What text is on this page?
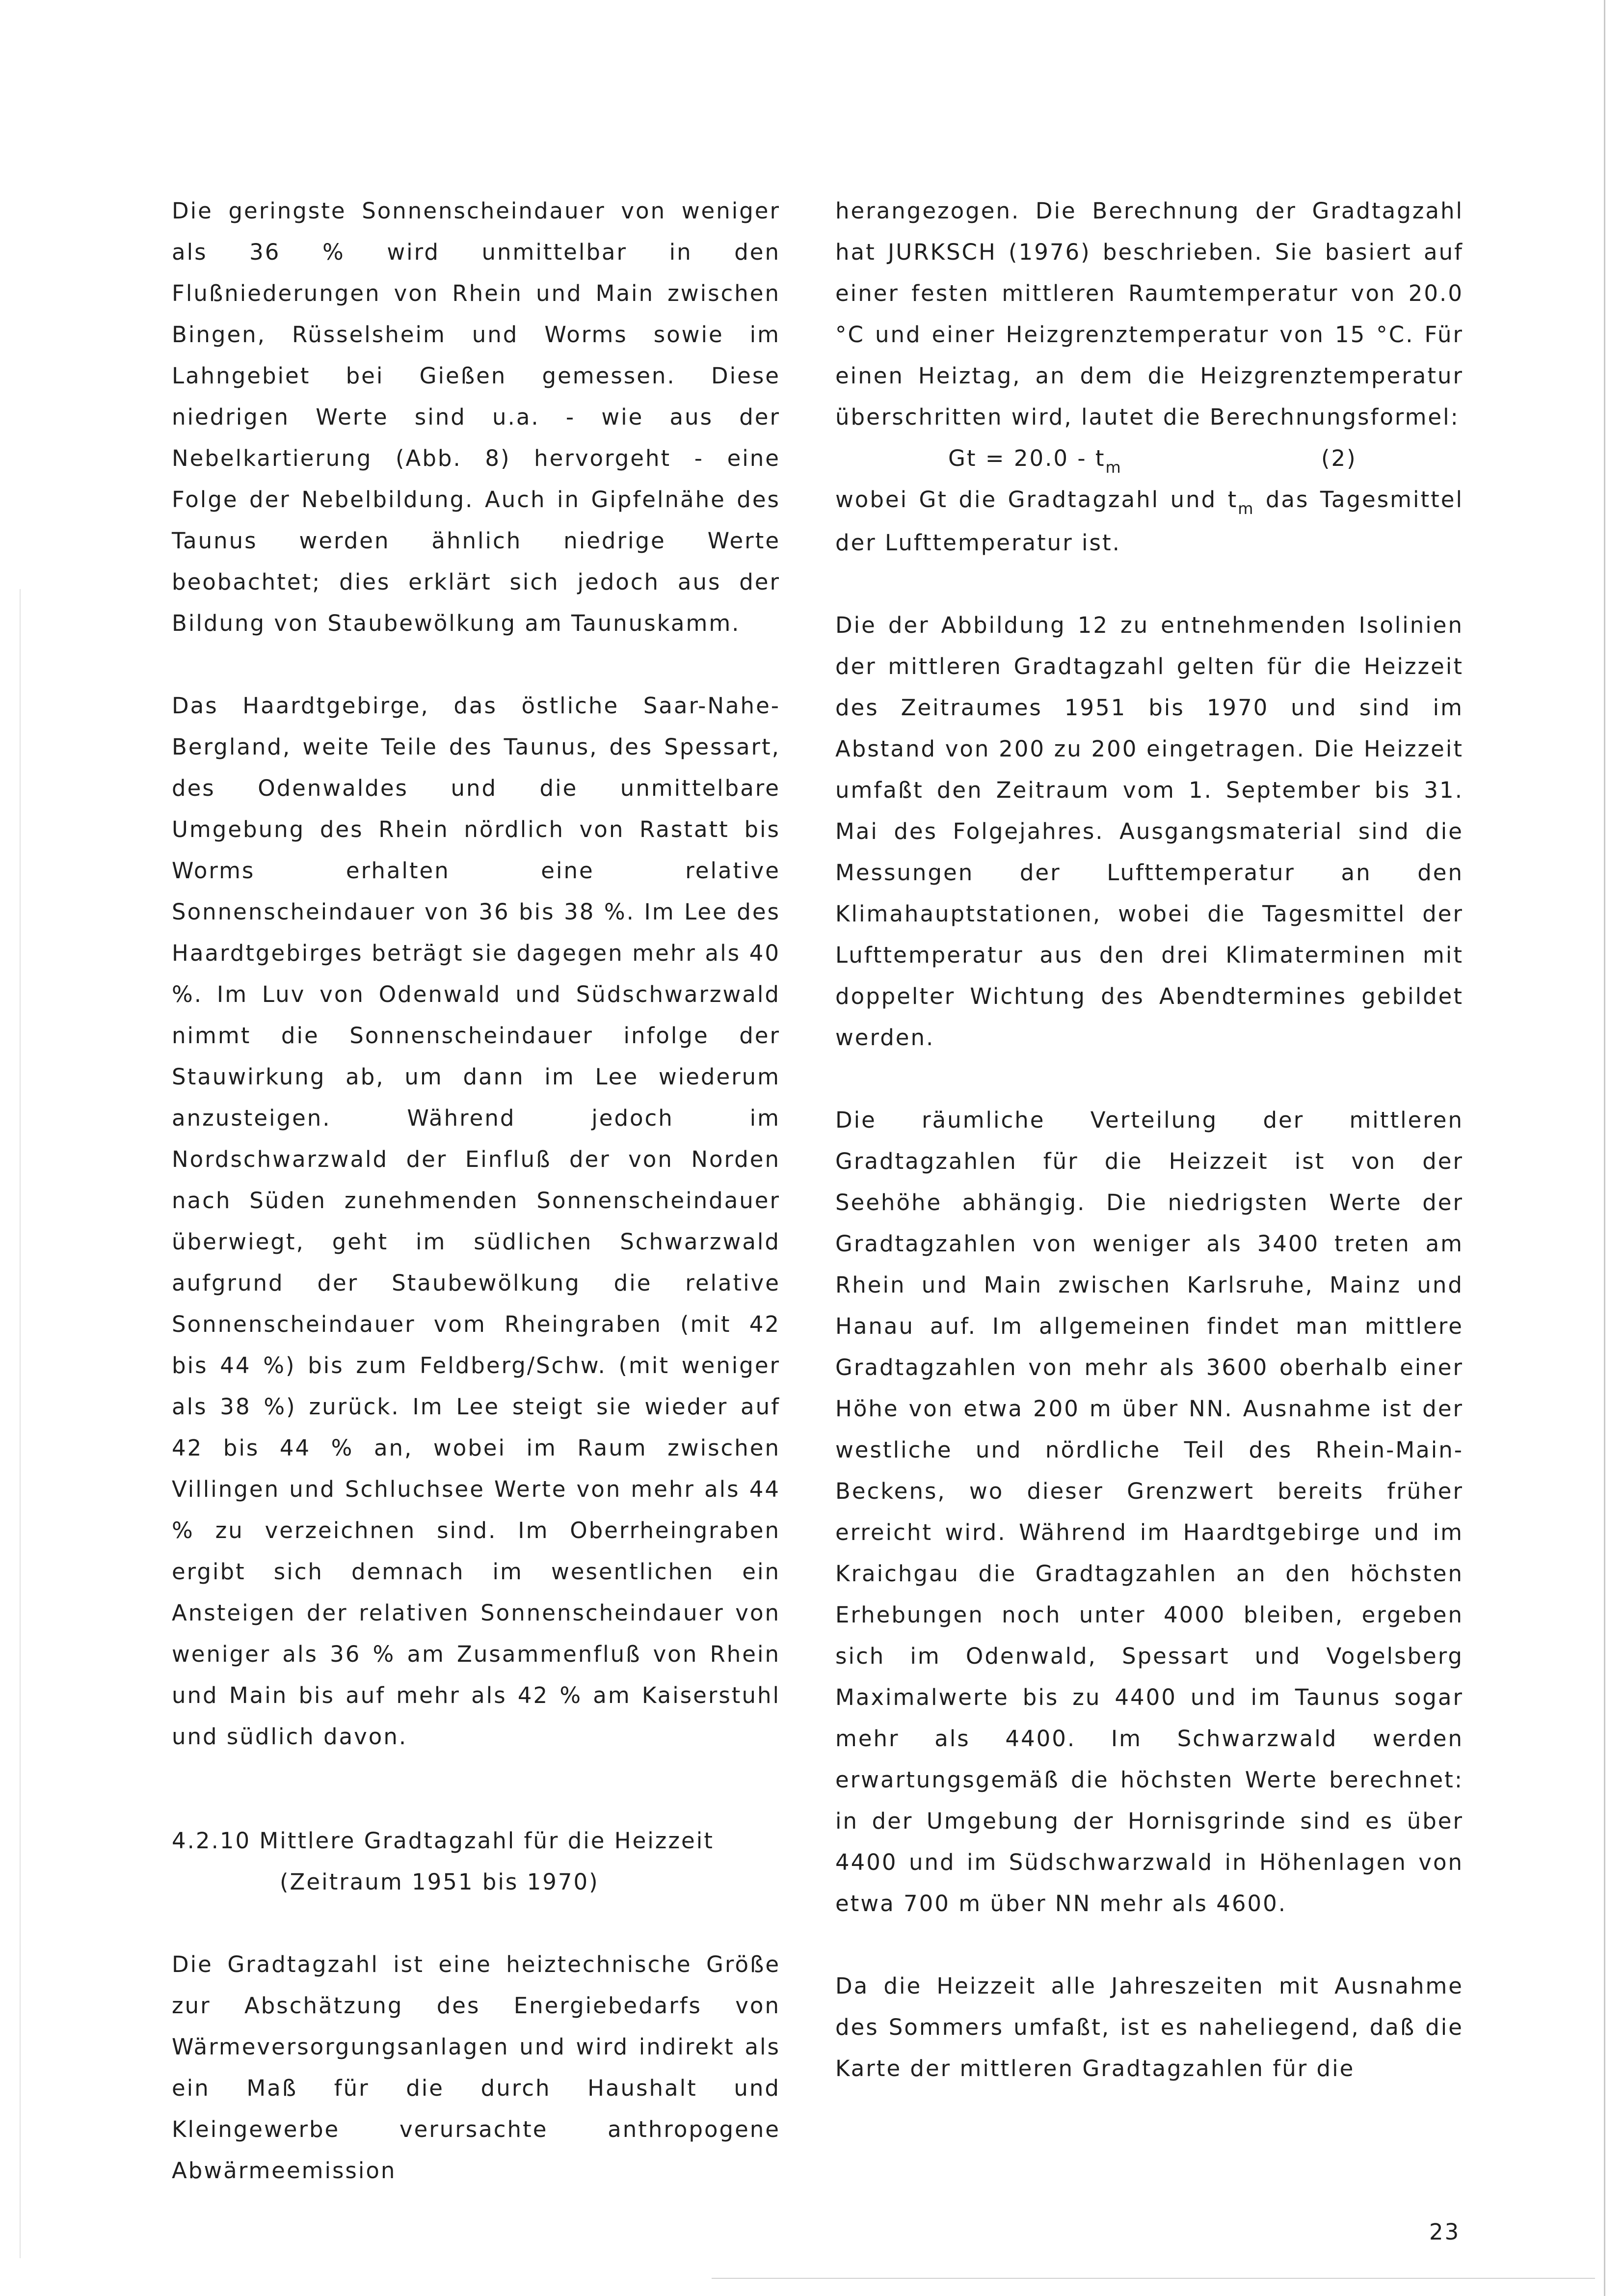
Die geringste Sonnenscheindauer von weniger als 36 % wird unmittelbar in den Flußniederungen von Rhein und Main zwischen Bingen, Rüsselsheim und Worms sowie im Lahngebiet bei Gießen gemessen. Diese niedrigen Werte sind u.a. - wie aus der Nebelkartierung (Abb. 8) hervorgeht - eine Folge der Nebelbildung. Auch in Gipfelnähe des Taunus werden ähnlich niedrige Werte beobachtet; dies erklärt sich jedoch aus der Bildung von Staubewölkung am Taunuskamm.

Das Haardtgebirge, das östliche Saar-Nahe-Bergland, weite Teile des Taunus, des Spessart, des Odenwaldes und die unmittelbare Umgebung des Rhein nördlich von Rastatt bis Worms erhalten eine relative Sonnenscheindauer von 36 bis 38 %. Im Lee des Haardtgebirges beträgt sie dagegen mehr als 40 %. Im Luv von Odenwald und Südschwarzwald nimmt die Sonnenscheindauer infolge der Stauwirkung ab, um dann im Lee wiederum anzusteigen. Während jedoch im Nordschwarzwald der Einfluß der von Norden nach Süden zunehmenden Sonnenscheindauer überwiegt, geht im südlichen Schwarzwald aufgrund der Staubewölkung die relative Sonnenscheindauer vom Rheingraben (mit 42 bis 44 %) bis zum Feldberg/Schw. (mit weniger als 38 %) zurück. Im Lee steigt sie wieder auf 42 bis 44 % an, wobei im Raum zwischen Villingen und Schluchsee Werte von mehr als 44 % zu verzeichnen sind. Im Oberrheingraben ergibt sich demnach im wesentlichen ein Ansteigen der relativen Sonnenscheindauer von weniger als 36 % am Zusammenfluß von Rhein und Main bis auf mehr als 42 % am Kaiserstuhl und südlich davon.

4.2.10 Mittlere Gradtagzahl für die Heizzeit
(Zeitraum 1951 bis 1970)

Die Gradtagzahl ist eine heiztechnische Größe zur Abschätzung des Energiebedarfs von Wärmeversorgungsanlagen und wird indirekt als ein Maß für die durch Haushalt und Kleingewerbe verursachte anthropogene Abwärmeemission

herangezogen. Die Berechnung der Gradtagzahl hat JURKSCH (1976) beschrieben. Sie basiert auf einer festen mittleren Raumtemperatur von 20.0 °C und einer Heizgrenztemperatur von 15 °C. Für einen Heiztag, an dem die Heizgrenztemperatur überschritten wird, lautet die Berechnungsformel:

$Gt = 20.0 - t_m$	(2)

wobei Gt die Gradtagzahl und $t_m$ das Tagesmittel der Lufttemperatur ist.

Die der Abbildung 12 zu entnehmenden Isolinien der mittleren Gradtagzahl gelten für die Heizzeit des Zeitraumes 1951 bis 1970 und sind im Abstand von 200 zu 200 eingetragen. Die Heizzeit umfaßt den Zeitraum vom 1. September bis 31. Mai des Folgejahres. Ausgangsmaterial sind die Messungen der Lufttemperatur an den Klimahauptstationen, wobei die Tagesmittel der Lufttemperatur aus den drei Klimaterminen mit doppelter Wichtung des Abendtermines gebildet werden.

Die räumliche Verteilung der mittleren Gradtagzahlen für die Heizzeit ist von der Seehöhe abhängig. Die niedrigsten Werte der Gradtagzahlen von weniger als 3400 treten am Rhein und Main zwischen Karlsruhe, Mainz und Hanau auf. Im allgemeinen findet man mittlere Gradtagzahlen von mehr als 3600 oberhalb einer Höhe von etwa 200 m über NN. Ausnahme ist der westliche und nördliche Teil des Rhein-Main-Beckens, wo dieser Grenzwert bereits früher erreicht wird. Während im Haardtgebirge und im Kraichgau die Gradtagzahlen an den höchsten Erhebungen noch unter 4000 bleiben, ergeben sich im Odenwald, Spessart und Vogelsberg Maximalwerte bis zu 4400 und im Taunus sogar mehr als 4400. Im Schwarzwald werden erwartungsgemäß die höchsten Werte berechnet: in der Umgebung der Hornisgrinde sind es über 4400 und im Südschwarzwald in Höhenlagen von etwa 700 m über NN mehr als 4600.

Da die Heizzeit alle Jahreszeiten mit Ausnahme des Sommers umfaßt, ist es naheliegend, daß die Karte der mittleren Gradtagzahlen für die

23
